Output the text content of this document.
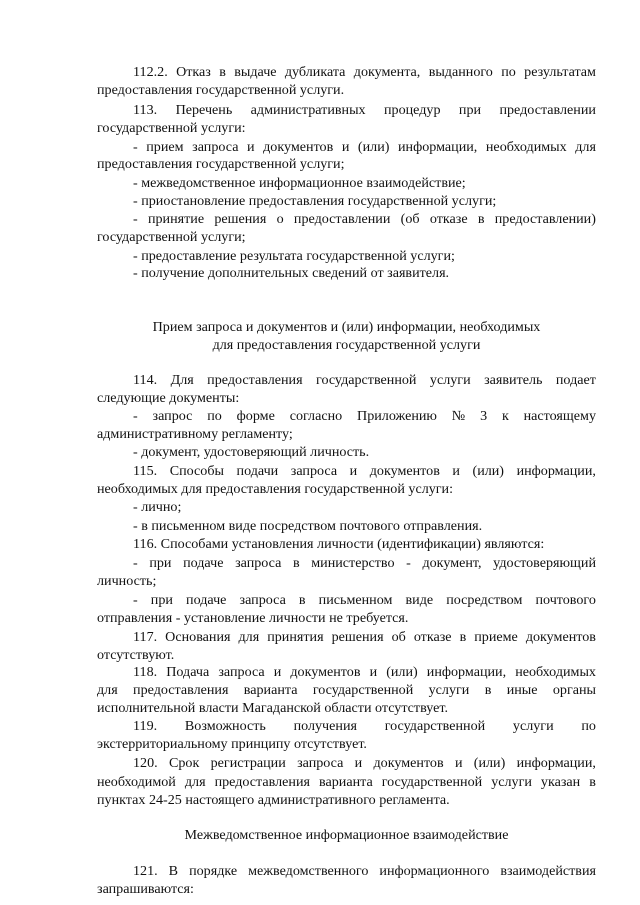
112.2. Отказ в выдаче дубликата документа, выданного по результатам
предоставления государственной услуги.
113. Перечень административных процедур при предоставлении
государственной услуги:
- прием запроса и документов и (или) информации, необходимых для
предоставления государственной услуги;
- межведомственное информационное взаимодействие;
- приостановление предоставления государственной услуги;
- принятие решения о предоставлении (об отказе в предоставлении)
государственной услуги;
- предоставление результата государственной услуги;
- получение дополнительных сведений от заявителя.
Прием запроса и документов и (или) информации, необходимых
для предоставления государственной услуги
114. Для предоставления государственной услуги заявитель подает
следующие документы:
- запрос по форме согласно Приложению № 3 к настоящему
административному регламенту;
- документ, удостоверяющий личность.
115. Способы подачи запроса и документов и (или) информации,
необходимых для предоставления государственной услуги:
- лично;
- в письменном виде посредством почтового отправления.
116. Способами установления личности (идентификации) являются:
- при подаче запроса в министерство - документ, удостоверяющий
личность;
- при подаче запроса в письменном виде посредством почтового
отправления - установление личности не требуется.
117. Основания для принятия решения об отказе в приеме документов
отсутствуют.
118. Подача запроса и документов и (или) информации, необходимых
для предоставления варианта государственной услуги в иные органы
исполнительной власти Магаданской области отсутствует.
119. Возможность получения государственной услуги по
экстерриториальному принципу отсутствует.
120. Срок регистрации запроса и документов и (или) информации,
необходимой для предоставления варианта государственной услуги указан в
пунктах 24-25 настоящего административного регламента.
Межведомственное информационное взаимодействие
121. В порядке межведомственного информационного взаимодействия
запрашиваются:
